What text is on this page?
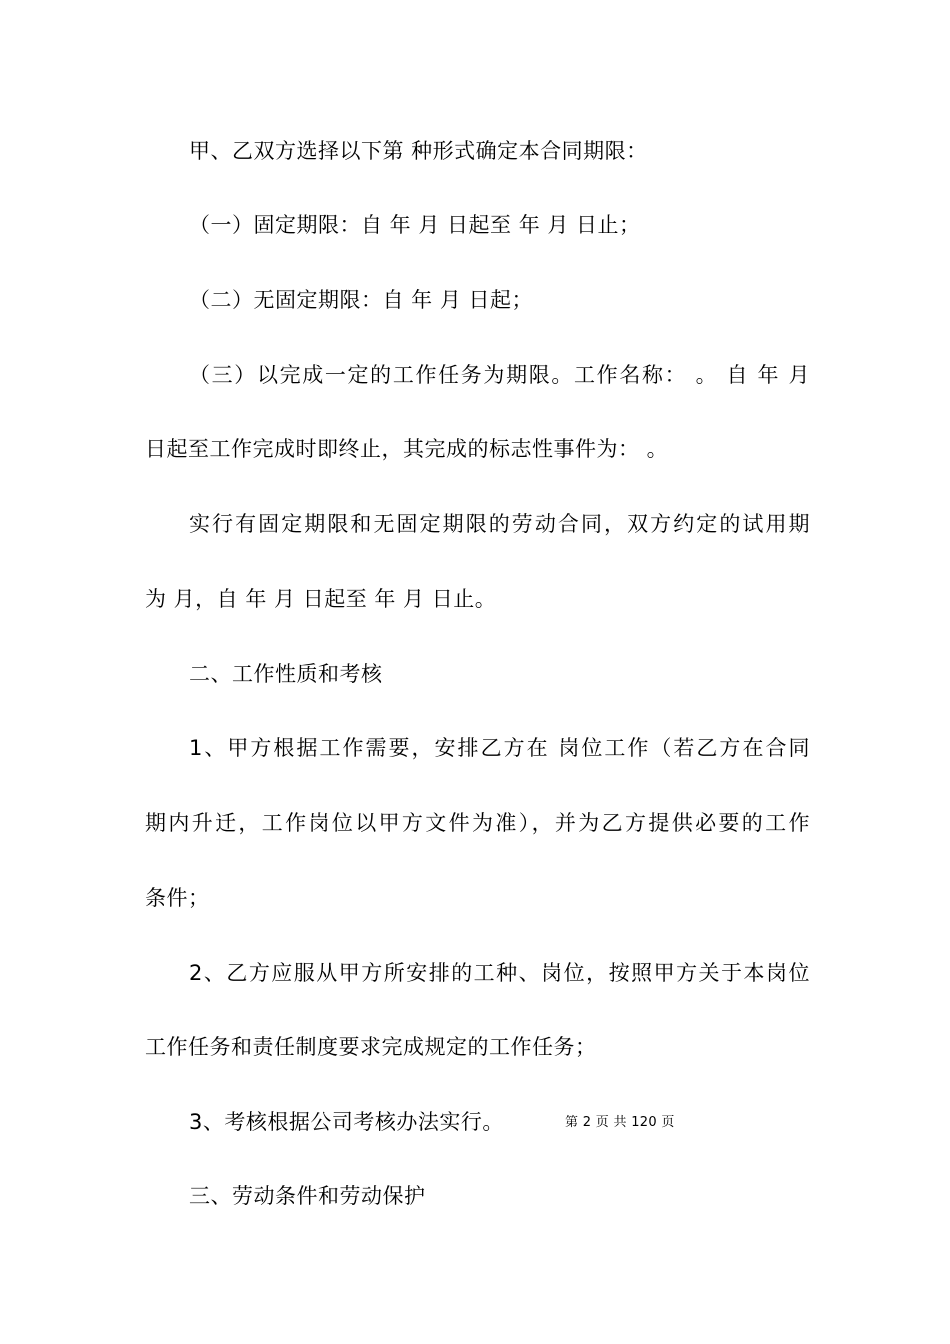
甲、乙双方选择以下第 种形式确定本合同期限：
（一）固定期限：自 年 月 日起至 年 月 日止；
（二）无固定期限：自 年 月 日起；
（三）以完成一定的工作任务为期限。工作名称： 。 自 年 月
日起至工作完成时即终止，其完成的标志性事件为： 。
实行有固定期限和无固定期限的劳动合同，双方约定的试用期
为 月，自 年 月 日起至 年 月 日止。
二、工作性质和考核
1、甲方根据工作需要，安排乙方在 岗位工作（若乙方在合同
期内升迁，工作岗位以甲方文件为准），并为乙方提供必要的工作
条件；
2、乙方应服从甲方所安排的工种、岗位，按照甲方关于本岗位
工作任务和责任制度要求完成规定的工作任务；
3、考核根据公司考核办法实行。	第 2 页 共 120 页
三、劳动条件和劳动保护
